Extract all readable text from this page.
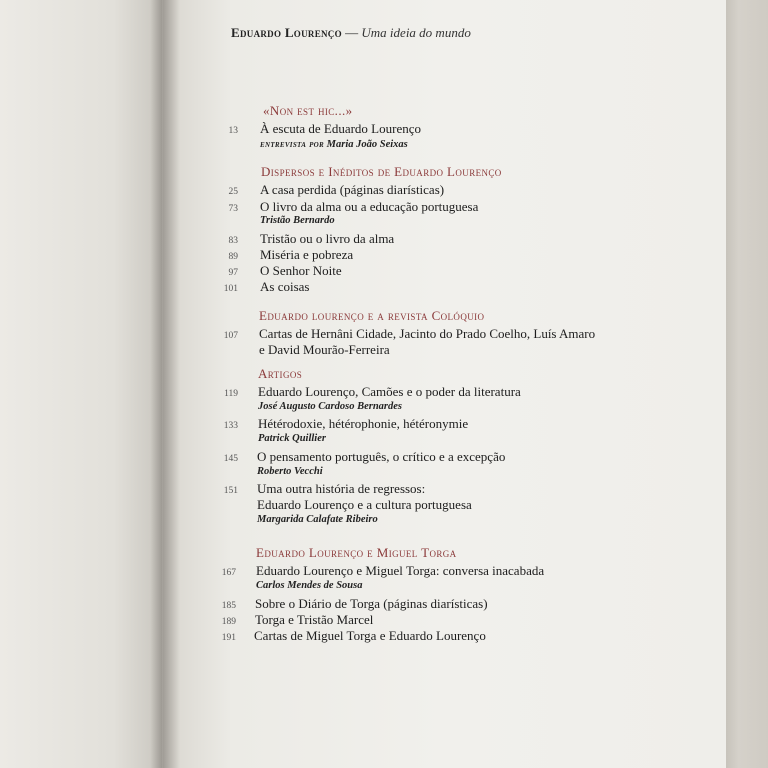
Eduardo Lourenço — Uma ideia do mundo
«Non est hic...»
13 À escuta de Eduardo Lourenço
entrevista por Maria João Seixas
Dispersos e Inéditos de Eduardo Lourenço
25 A casa perdida (páginas diarísticas)
73 O livro da alma ou a educação portuguesa
Tristão Bernardo
83 Tristão ou o livro da alma
89 Miséria e pobreza
97 O Senhor Noite
101 As coisas
Eduardo lourenço e a revista Colóquio
107 Cartas de Hernâni Cidade, Jacinto do Prado Coelho, Luís Amaro
e David Mourão-Ferreira
Artigos
119 Eduardo Lourenço, Camões e o poder da literatura
José Augusto Cardoso Bernardes
133 Hétérodoxie, hétérophonie, hétéronymie
Patrick Quillier
145 O pensamento português, o crítico e a excepção
Roberto Vecchi
151 Uma outra história de regressos:
Eduardo Lourenço e a cultura portuguesa
Margarida Calafate Ribeiro
Eduardo Lourenço e Miguel Torga
167 Eduardo Lourenço e Miguel Torga: conversa inacabada
Carlos Mendes de Sousa
185 Sobre o Diário de Torga (páginas diarísticas)
189 Torga e Tristão Marcel
191 Cartas de Miguel Torga e Eduardo Lourenço
